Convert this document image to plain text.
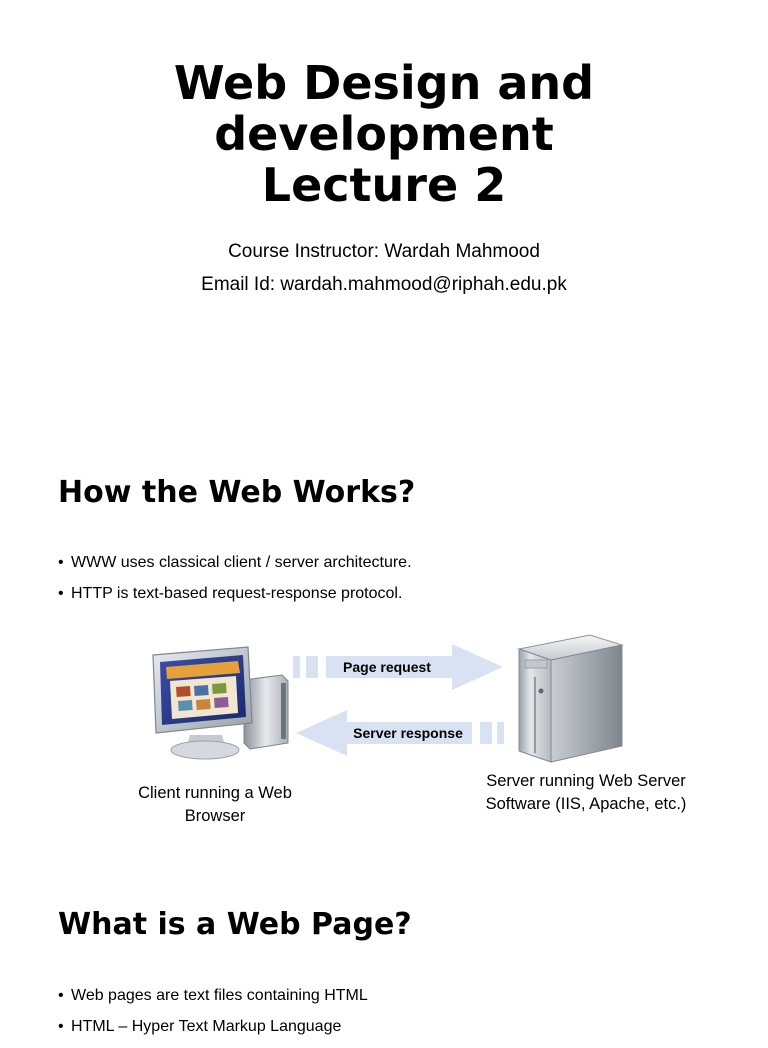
Web Design and
development
Lecture 2
Course Instructor: Wardah Mahmood
Email Id: wardah.mahmood@riphah.edu.pk
How the Web Works?
• WWW uses classical client / server architecture.
• HTTP is text-based request-response protocol.
Page request
Server response
Client running a Web
Browser
Server running Web Server
Software (IIS, Apache, etc.)
What is a Web Page?
• Web pages are text files containing HTML
• HTML – Hyper Text Markup Language
